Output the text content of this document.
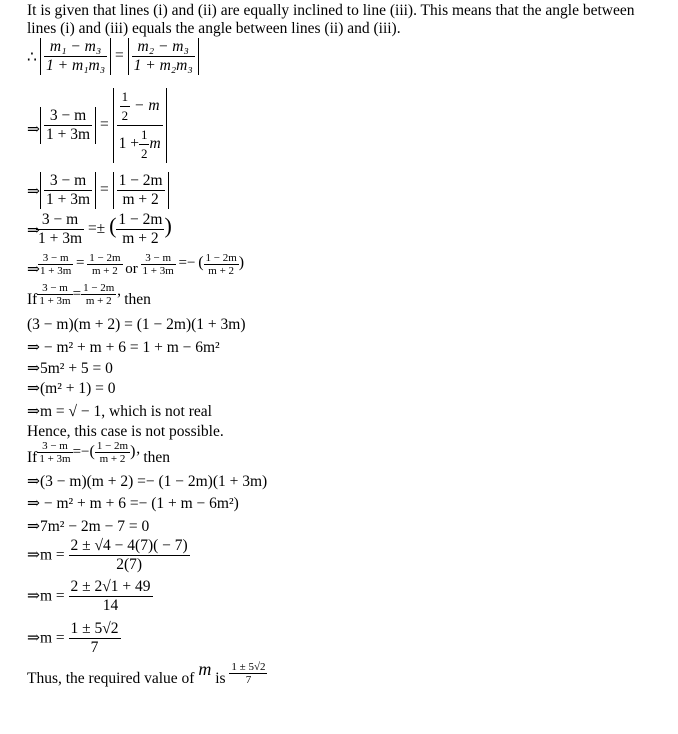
It is given that lines (i) and (ii) are equally inclined to line (iii). This means that the angle between
lines (i) and (iii) equals the angle between lines (ii) and (iii).
∴ $\frac{\text{m₁ − m₃}}{\text{1 + m₁m₃}} = \frac{\text{m₂ − m₃}}{\text{1 + m₂m₃}}$
⇒ $\frac{3 - m}{1 + 3m} = \frac{\frac{1}{2} - m}{1 + \frac{1}{2} m}$
⇒ $\frac{3 - m}{1 + 3m} = \frac{1 - 2m}{m + 2}$
⇒
$\frac{3 - m}{1 + 3m}$ =± ( $\frac{1 - 2m}{m + 2}$ )
⇒
$\frac{3 - m}{1 + 3m} = \frac{1 - 2m}{m + 2}$ or $\frac{3 - m}{1 + 3m}$ =− ( $\frac{1 - 2m}{m + 2}$ )
If $\frac{3 - m}{1 + 3m} = \frac{1 - 2m}{m + 2}$ ’ then
(3 − m)(m + 2) = (1 − 2m)(1 + 3m)
⇒ − m² + m + 6 = 1 + m − 6m²
⇒5m² + 5 = 0
⇒(m² + 1) = 0
⇒m = √ − 1, which is not real
Hence, this case is not possible.
If $\frac{3 - m}{1 + 3m}$ =−( $\frac{1 - 2m}{m + 2}$ )’ then
⇒(3 − m)(m + 2) =− (1 − 2m)(1 + 3m)
⇒ − m² + m + 6 =− (1 + m − 6m²)
⇒7m² − 2m − 7 = 0
⇒m = $\frac{2 \pm √4 - 4(7)( - 7)}{2(7)}$
⇒m = $\frac{2 \pm 2√1 + 49}{14}$
⇒m = $\frac{1 \pm 5√2}{7}$
Thus, the required value of m is $\frac{1 \pm 5√2}{7}$
